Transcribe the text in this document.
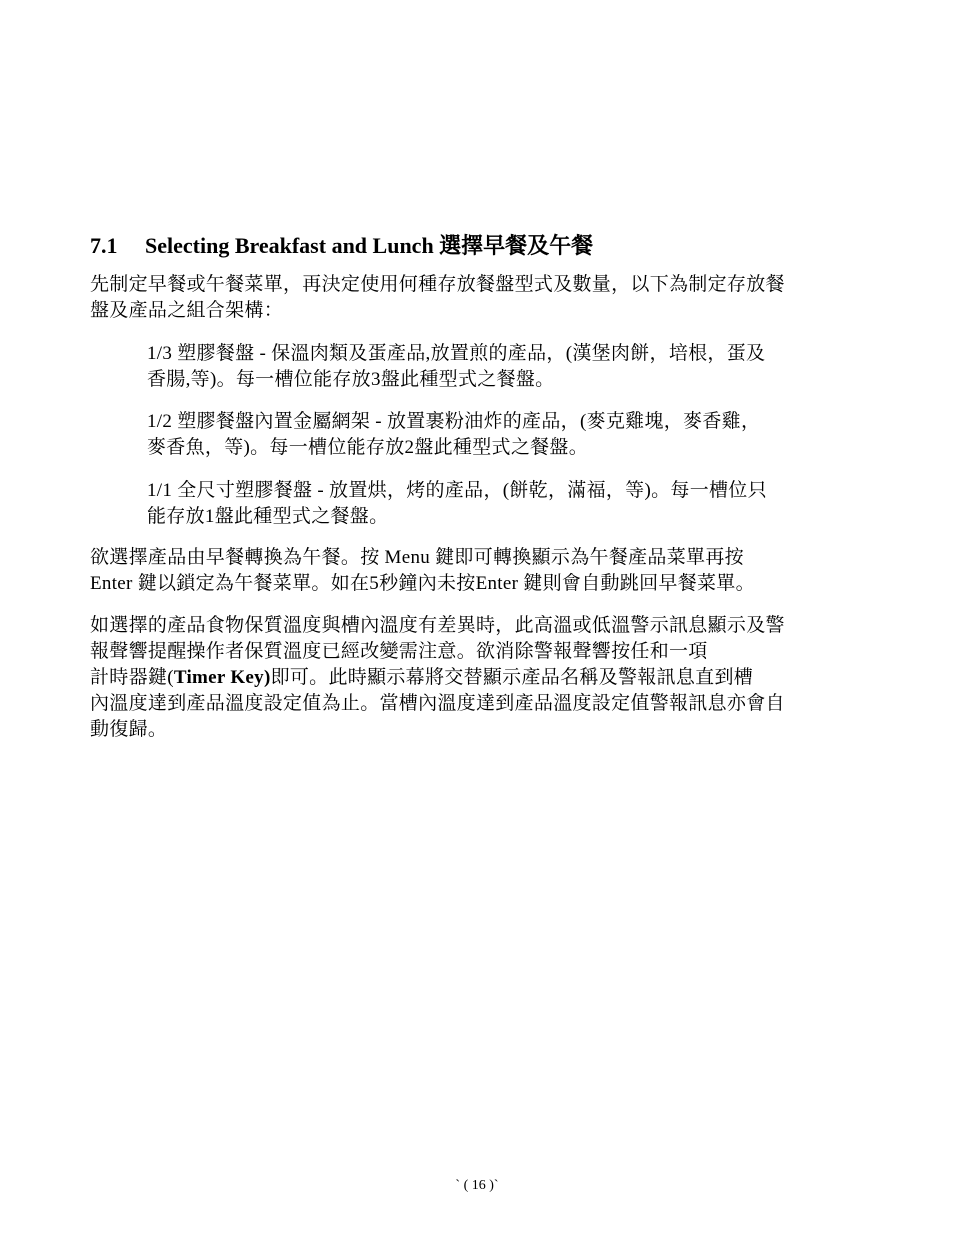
7.1 Selecting Breakfast and Lunch 選擇早餐及午餐
先制定早餐或午餐菜單，再決定使用何種存放餐盤型式及數量，以下為制定存放餐
盤及產品之組合架構：
1/3 塑膠餐盤 - 保溫肉類及蛋產品,放置煎的產品，(漢堡肉餅，培根，蛋及
香腸,等)。每一槽位能存放3盤此種型式之餐盤。
1/2 塑膠餐盤內置金屬網架 - 放置裹粉油炸的產品，(麥克雞塊，麥香雞，
麥香魚，等)。每一槽位能存放2盤此種型式之餐盤。
1/1 全尺寸塑膠餐盤 - 放置烘，烤的產品，(餅乾，滿福，等)。每一槽位只
能存放1盤此種型式之餐盤。
欲選擇產品由早餐轉換為午餐。按 Menu 鍵即可轉換顯示為午餐產品菜單再按
Enter 鍵以鎖定為午餐菜單。如在5秒鐘內未按Enter 鍵則會自動跳回早餐菜單。
如選擇的產品食物保質溫度與槽內溫度有差異時，此高溫或低溫警示訊息顯示及警
報聲響提醒操作者保質溫度已經改變需注意。欲消除警報聲響按任和一項
計時器鍵(Timer Key)即可。此時顯示幕將交替顯示產品名稱及警報訊息直到槽
內溫度達到產品溫度設定值為止。當槽內溫度達到產品溫度設定值警報訊息亦會自
動復歸。
` ( 16 )`
